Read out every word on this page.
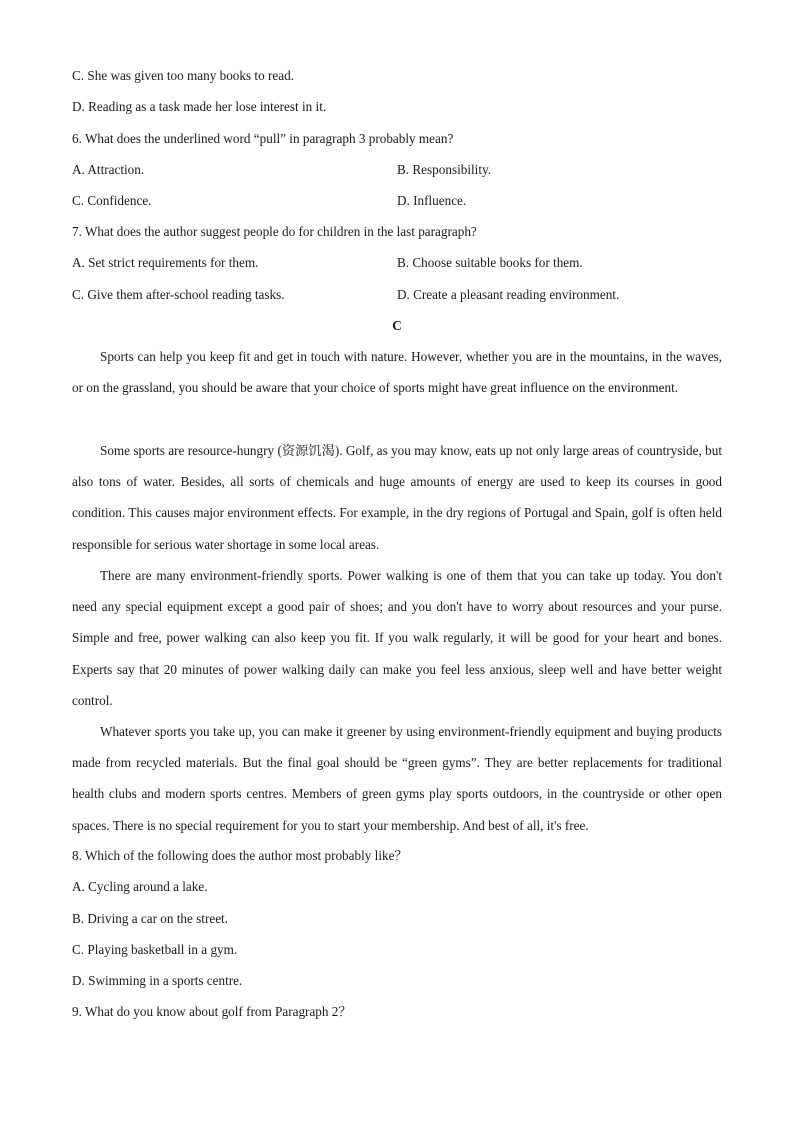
C. She was given too many books to read.
D. Reading as a task made her lose interest in it.
6. What does the underlined word “pull” in paragraph 3 probably mean?
A. Attraction.	B. Responsibility.
C. Confidence.	D. Influence.
7. What does the author suggest people do for children in the last paragraph?
A. Set strict requirements for them.	B. Choose suitable books for them.
C. Give them after-school reading tasks.	D. Create a pleasant reading environment.
C

Sports can help you keep fit and get in touch with nature. However, whether you are in the mountains, in the waves, or on the grassland, you should be aware that your choice of sports might have great influence on the environment.

Some sports are resource-hungry (资源饥渴). Golf, as you may know, eats up not only large areas of countryside, but also tons of water. Besides, all sorts of chemicals and huge amounts of energy are used to keep its courses in good condition. This causes major environment effects. For example, in the dry regions of Portugal and Spain, golf is often held responsible for serious water shortage in some local areas.

There are many environment-friendly sports. Power walking is one of them that you can take up today. You don't need any special equipment except a good pair of shoes; and you don't have to worry about resources and your purse. Simple and free, power walking can also keep you fit. If you walk regularly, it will be good for your heart and bones. Experts say that 20 minutes of power walking daily can make you feel less anxious, sleep well and have better weight control.

Whatever sports you take up, you can make it greener by using environment-friendly equipment and buying products made from recycled materials. But the final goal should be “green gyms”. They are better replacements for traditional health clubs and modern sports centres. Members of green gyms play sports outdoors, in the countryside or other open spaces. There is no special requirement for you to start your membership. And best of all, it's free.

8. Which of the following does the author most probably like？
A. Cycling around a lake.
B. Driving a car on the street.
C. Playing basketball in a gym.
D. Swimming in a sports centre.
9. What do you know about golf from Paragraph 2？
